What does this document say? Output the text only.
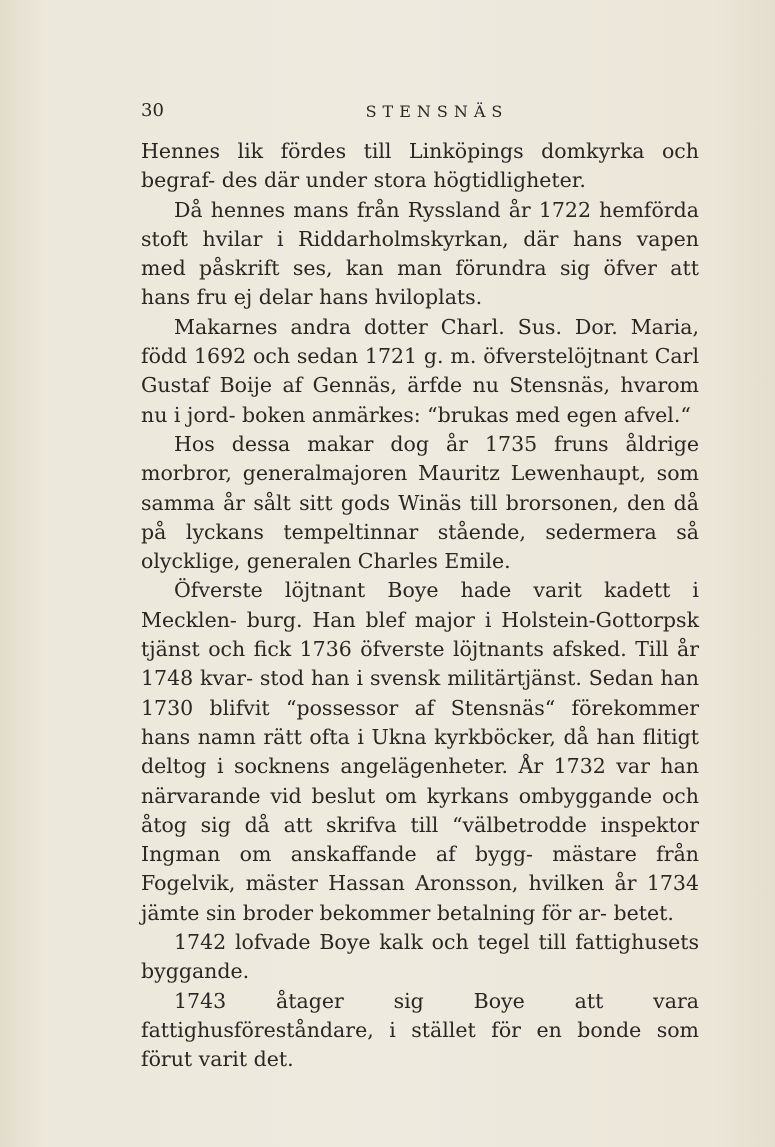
30	STENSNÄS

Hennes lik fördes till Linköpings domkyrka och begraf- des där under stora högtidligheter.

Då hennes mans från Ryssland år 1722 hemförda stoft hvilar i Riddarholmskyrkan, där hans vapen med påskrift ses, kan man förundra sig öfver att hans fru ej delar hans hviloplats.

Makarnes andra dotter Charl. Sus. Dor. Maria, född 1692 och sedan 1721 g. m. öfverstelöjtnant Carl Gustaf Boije af Gennäs, ärfde nu Stensnäs, hvarom nu i jord- boken anmärkes: “brukas med egen afvel.“

Hos dessa makar dog år 1735 fruns åldrige morbror, generalmajoren Mauritz Lewenhaupt, som samma år sålt sitt gods Winäs till brorsonen, den då på lyckans tempeltinnar stående, sedermera så olycklige, generalen Charles Emile.

Öfverste löjtnant Boye hade varit kadett i Mecklen- burg. Han blef major i Holstein-Gottorpsk tjänst och fick 1736 öfverste löjtnants afsked. Till år 1748 kvar- stod han i svensk militärtjänst. Sedan han 1730 blifvit “possessor af Stensnäs“ förekommer hans namn rätt ofta i Ukna kyrkböcker, då han flitigt deltog i socknens angelägenheter. År 1732 var han närvarande vid beslut om kyrkans ombyggande och åtog sig då att skrifva till “välbetrodde inspektor Ingman om anskaffande af bygg- mästare från Fogelvik, mäster Hassan Aronsson, hvilken år 1734 jämte sin broder bekommer betalning för ar- betet.

1742 lofvade Boye kalk och tegel till fattighusets byggande.

1743 åtager sig Boye att vara fattighusföreståndare, i stället för en bonde som förut varit det.
